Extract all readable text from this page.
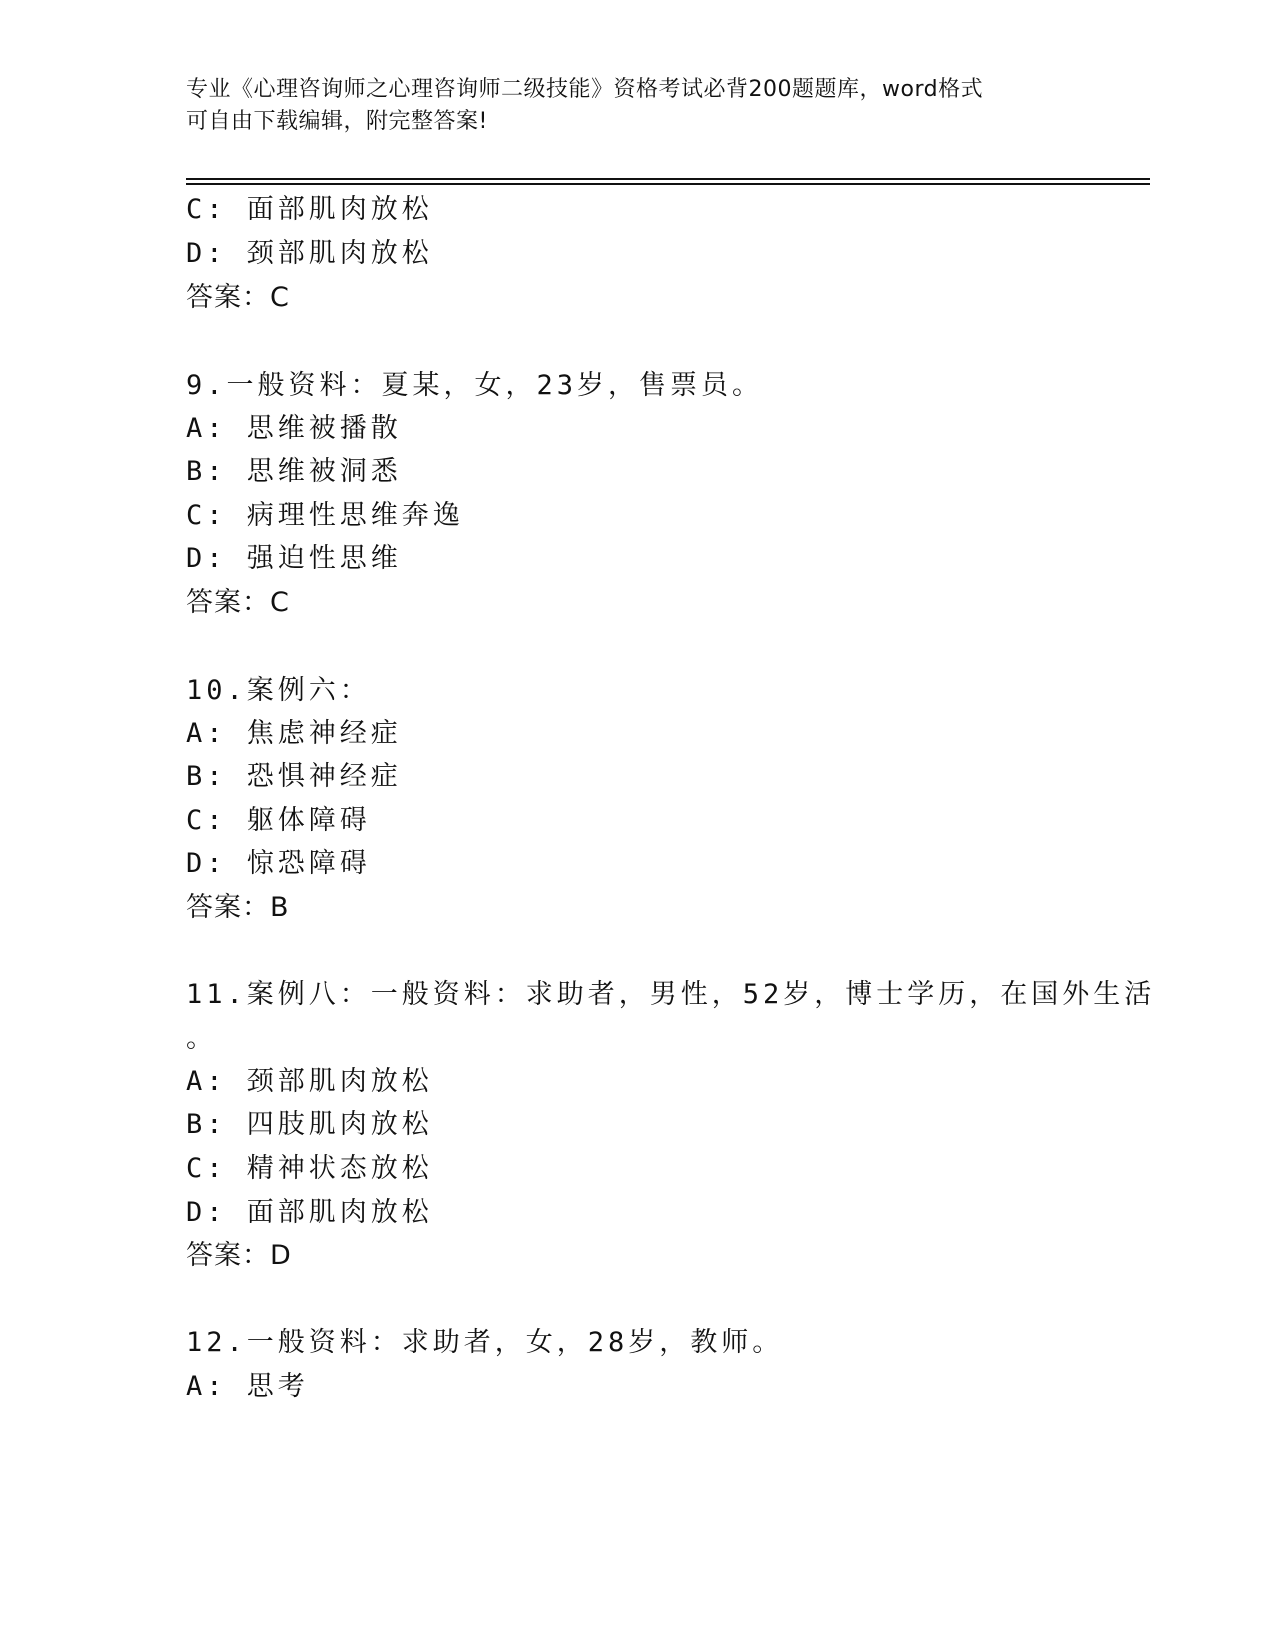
专业《心理咨询师之心理咨询师二级技能》资格考试必背200题题库，word格式
可自由下载编辑，附完整答案!
C: 面部肌肉放松
D: 颈部肌肉放松
答案：C
9.一般资料：夏某，女，23岁，售票员。
A: 思维被播散
B: 思维被洞悉
C: 病理性思维奔逸
D: 强迫性思维
答案：C
10.案例六：
A: 焦虑神经症
B: 恐惧神经症
C: 躯体障碍
D: 惊恐障碍
答案：B
11.案例八：一般资料：求助者，男性，52岁，博士学历，在国外生活
。
A: 颈部肌肉放松
B: 四肢肌肉放松
C: 精神状态放松
D: 面部肌肉放松
答案：D
12.一般资料：求助者，女，28岁，教师。
A: 思考
